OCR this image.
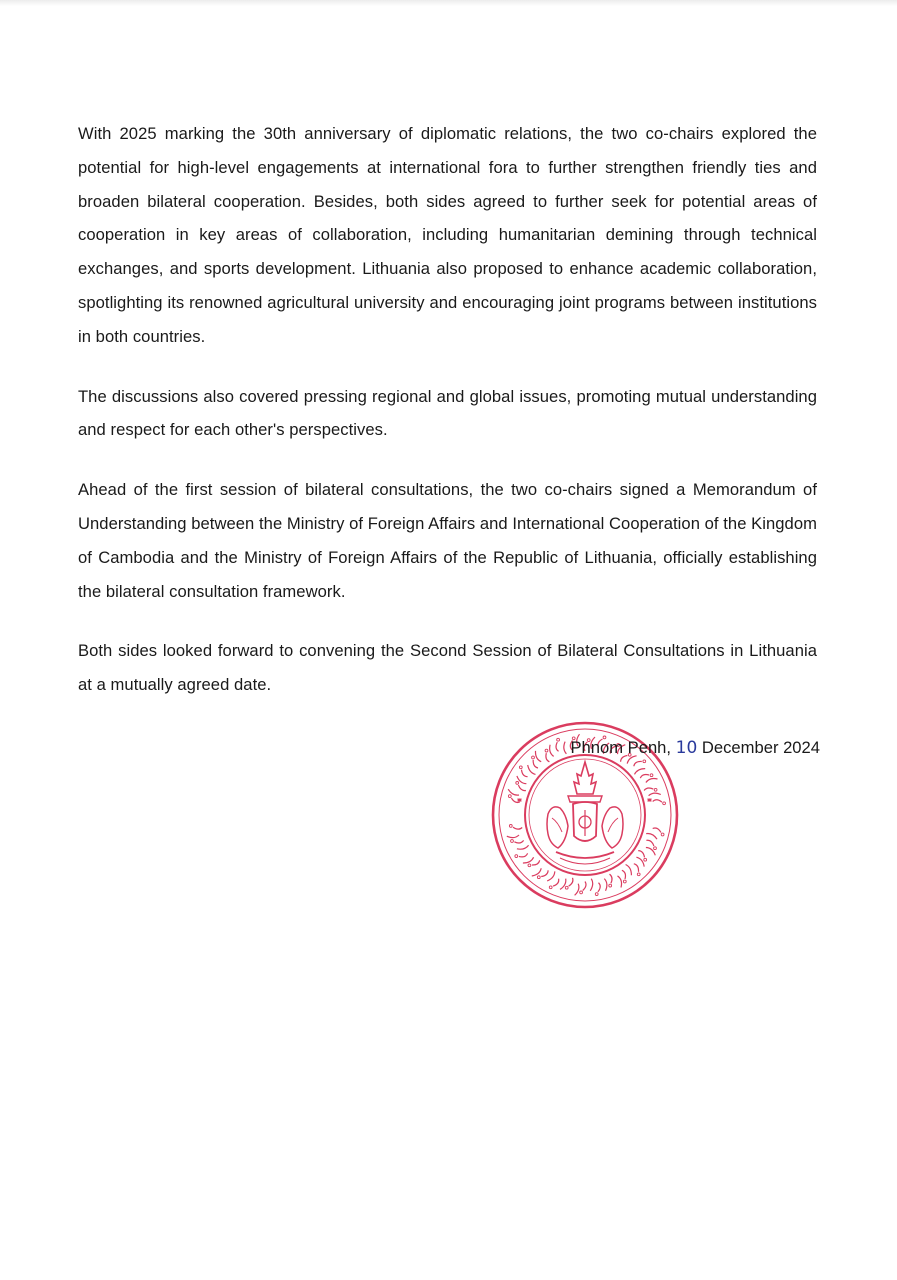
With 2025 marking the 30th anniversary of diplomatic relations, the two co-chairs explored the potential for high-level engagements at international fora to further strengthen friendly ties and broaden bilateral cooperation. Besides, both sides agreed to further seek for potential areas of cooperation in key areas of collaboration, including humanitarian demining through technical exchanges, and sports development. Lithuania also proposed to enhance academic collaboration, spotlighting its renowned agricultural university and encouraging joint programs between institutions in both countries.

The discussions also covered pressing regional and global issues, promoting mutual understanding and respect for each other's perspectives.

Ahead of the first session of bilateral consultations, the two co-chairs signed a Memorandum of Understanding between the Ministry of Foreign Affairs and International Cooperation of the Kingdom of Cambodia and the Ministry of Foreign Affairs of the Republic of Lithuania, officially establishing the bilateral consultation framework.

Both sides looked forward to convening the Second Session of Bilateral Consultations in Lithuania at a mutually agreed date.

Phnom Penh, 10 December 2024
